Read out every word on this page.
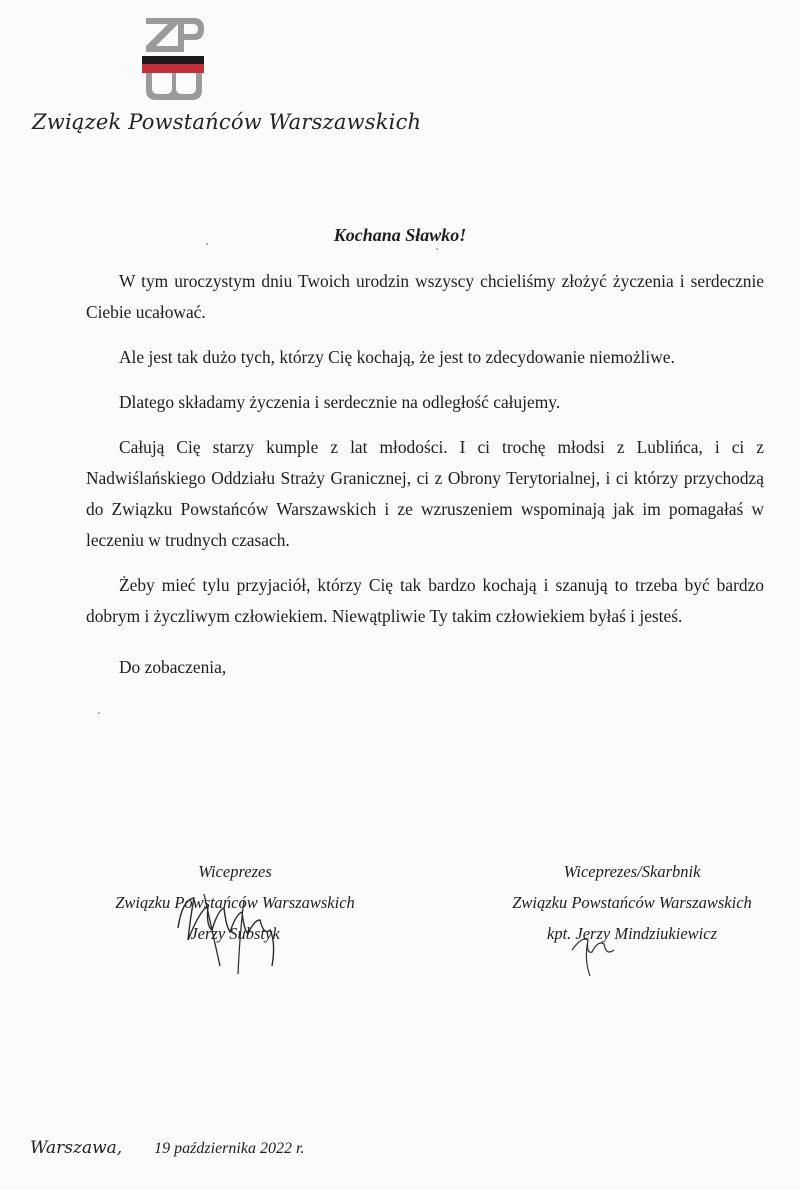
Związek Powstańców Warszawskich
Kochana Sławko!

W tym uroczystym dniu Twoich urodzin wszyscy chcieliśmy złożyć życzenia i serdecznie Ciebie ucałować.

Ale jest tak dużo tych, którzy Cię kochają, że jest to zdecydowanie niemożliwe.

Dlatego składamy życzenia i serdecznie na odległość całujemy.

Całują Cię starzy kumple z lat młodości. I ci trochę młodsi z Lublińca, i ci z Nadwiślańskiego Oddziału Straży Granicznej, ci z Obrony Terytorialnej, i ci którzy przychodzą do Związku Powstańców Warszawskich i ze wzruszeniem wspominają jak im pomagałaś w leczeniu w trudnych czasach.

Żeby mieć tylu przyjaciół, którzy Cię tak bardzo kochają i szanują to trzeba być bardzo dobrym i życzliwym człowiekiem. Niewątpliwie Ty takim człowiekiem byłaś i jesteś.

Do zobaczenia,

Wiceprezes
Związku Powstańców Warszawskich
Jerzy Substyk
Wiceprezes/Skarbnik
Związku Powstańców Warszawskich
kpt. Jerzy Mindziukiewicz
Warszawa, 19 października 2022 r.
